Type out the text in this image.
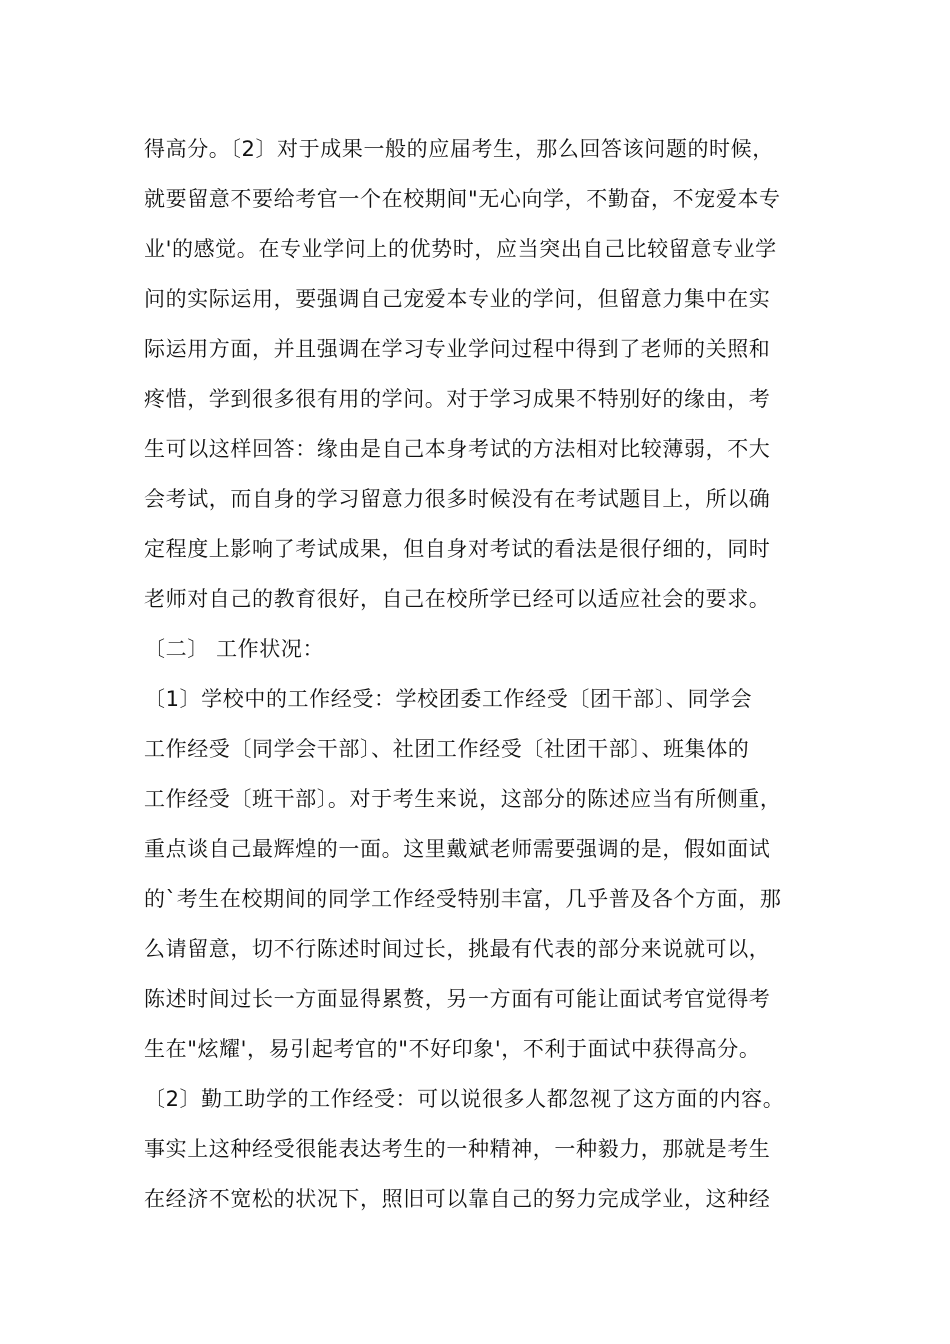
得高分。〔2〕对于成果一般的应届考生，那么回答该问题的时候，
就要留意不要给考官一个在校期间"无心向学，不勤奋，不宠爱本专
业'的感觉。在专业学问上的优势时，应当突出自己比较留意专业学
问的实际运用，要强调自己宠爱本专业的学问，但留意力集中在实
际运用方面，并且强调在学习专业学问过程中得到了老师的关照和
疼惜，学到很多很有用的学问。对于学习成果不特别好的缘由，考
生可以这样回答：缘由是自己本身考试的方法相对比较薄弱，不大
会考试，而自身的学习留意力很多时候没有在考试题目上，所以确
定程度上影响了考试成果，但自身对考试的看法是很仔细的，同时
老师对自己的教育很好，自己在校所学已经可以适应社会的要求。
〔二〕 工作状况：
〔1〕学校中的工作经受：学校团委工作经受〔团干部〕、同学会
工作经受〔同学会干部〕、社团工作经受〔社团干部〕、班集体的
工作经受〔班干部〕。对于考生来说，这部分的陈述应当有所侧重，
重点谈自己最辉煌的一面。这里戴斌老师需要强调的是，假如面试
的`考生在校期间的同学工作经受特别丰富，几乎普及各个方面，那
么请留意，切不行陈述时间过长，挑最有代表的部分来说就可以，
陈述时间过长一方面显得累赘，另一方面有可能让面试考官觉得考
生在"炫耀'，易引起考官的"不好印象'，不利于面试中获得高分。
〔2〕勤工助学的工作经受：可以说很多人都忽视了这方面的内容。
事实上这种经受很能表达考生的一种精神，一种毅力，那就是考生
在经济不宽松的状况下，照旧可以靠自己的努力完成学业，这种经
